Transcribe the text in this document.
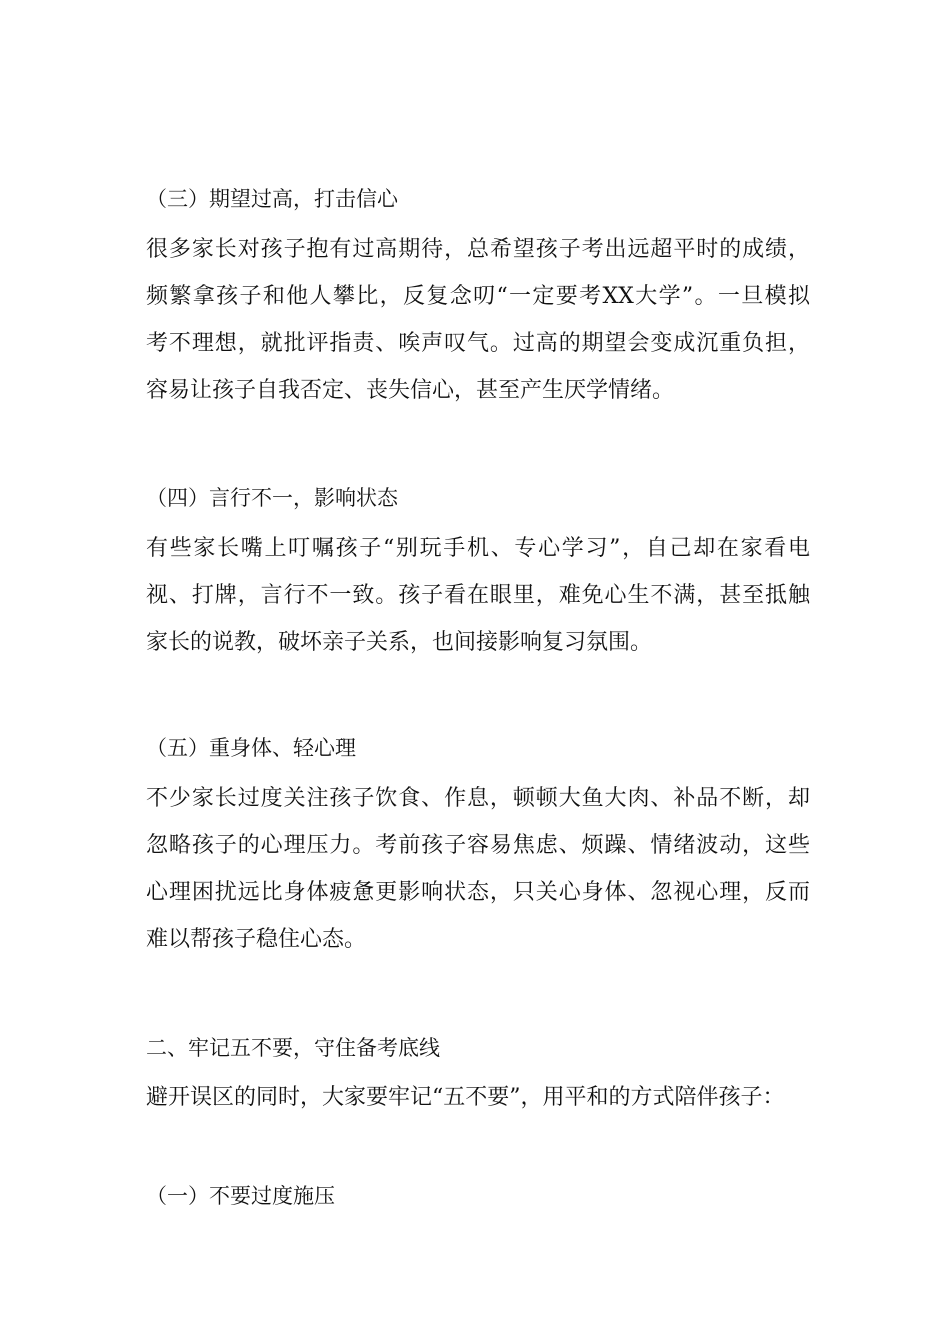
（三）期望过高，打击信心
很多家长对孩子抱有过高期待，总希望孩子考出远超平时的成绩，
频繁拿孩子和他人攀比，反复念叨“一定要考XX大学”。一旦模拟
考不理想，就批评指责、唉声叹气。过高的期望会变成沉重负担，
容易让孩子自我否定、丧失信心，甚至产生厌学情绪。
（四）言行不一，影响状态
有些家长嘴上叮嘱孩子“别玩手机、专心学习”，自己却在家看电
视、打牌，言行不一致。孩子看在眼里，难免心生不满，甚至抵触
家长的说教，破坏亲子关系，也间接影响复习氛围。
（五）重身体、轻心理
不少家长过度关注孩子饮食、作息，顿顿大鱼大肉、补品不断，却
忽略孩子的心理压力。考前孩子容易焦虑、烦躁、情绪波动，这些
心理困扰远比身体疲惫更影响状态，只关心身体、忽视心理，反而
难以帮孩子稳住心态。
二、牢记五不要，守住备考底线
避开误区的同时，大家要牢记“五不要”，用平和的方式陪伴孩子：
（一）不要过度施压
